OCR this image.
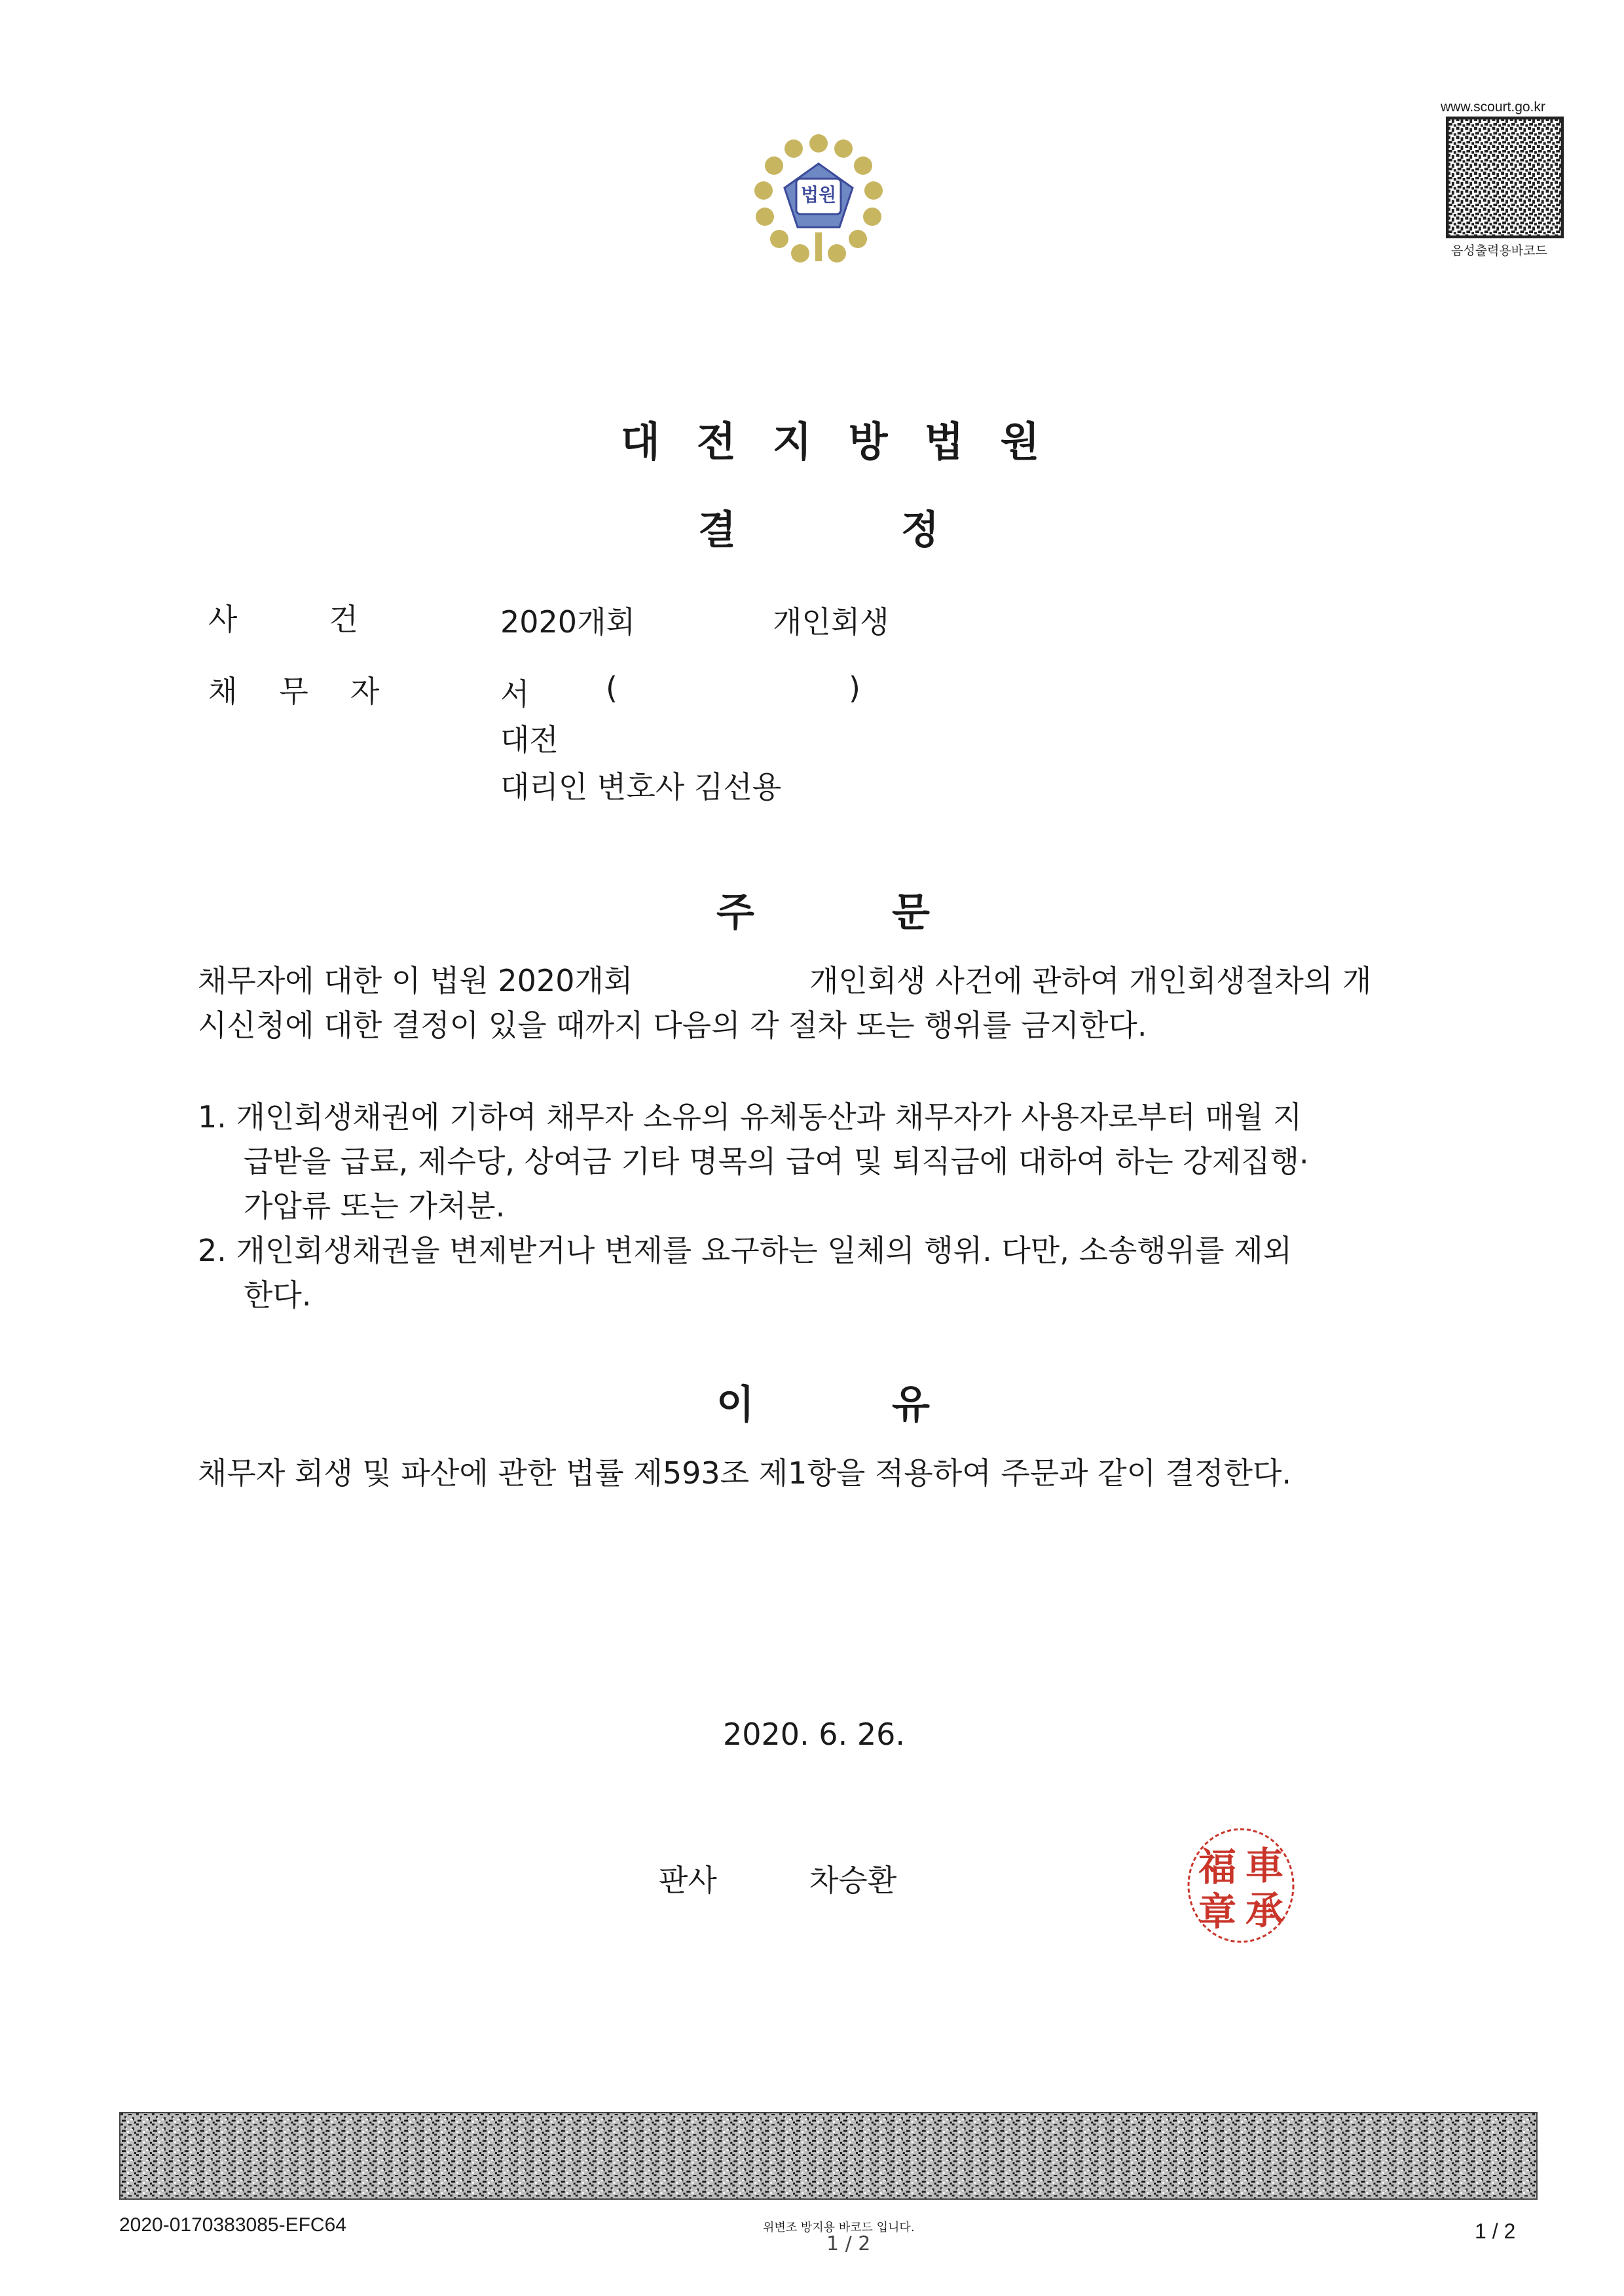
법원
www.scourt.go.kr
음성출력용바코드
대전지방법원
결정
사건 2020개회	개인회생
채무자	서	(	)
대전
대리인 변호사 김선용
주문
채무자에 대한 이 법원 2020개회	개인회생 사건에 관하여 개인회생절차의 개
시신청에 대한 결정이 있을 때까지 다음의 각 절차 또는 행위를 금지한다.
1. 개인회생채권에 기하여 채무자 소유의 유체동산과 채무자가 사용자로부터 매월 지
급받을 급료, 제수당, 상여금 기타 명목의 급여 및 퇴직금에 대하여 하는 강제집행·
가압류 또는 가처분.
2. 개인회생채권을 변제받거나 변제를 요구하는 일체의 행위. 다만, 소송행위를 제외
한다.
이유
채무자 회생 및 파산에 관한 법률 제593조 제1항을 적용하여 주문과 같이 결정한다.
2020. 6. 26.
판사	차승환	車
福
承
章
2020-0170383085-EFC64	위변조 방지용 바코드 입니다.
1 / 2
1 / 2
